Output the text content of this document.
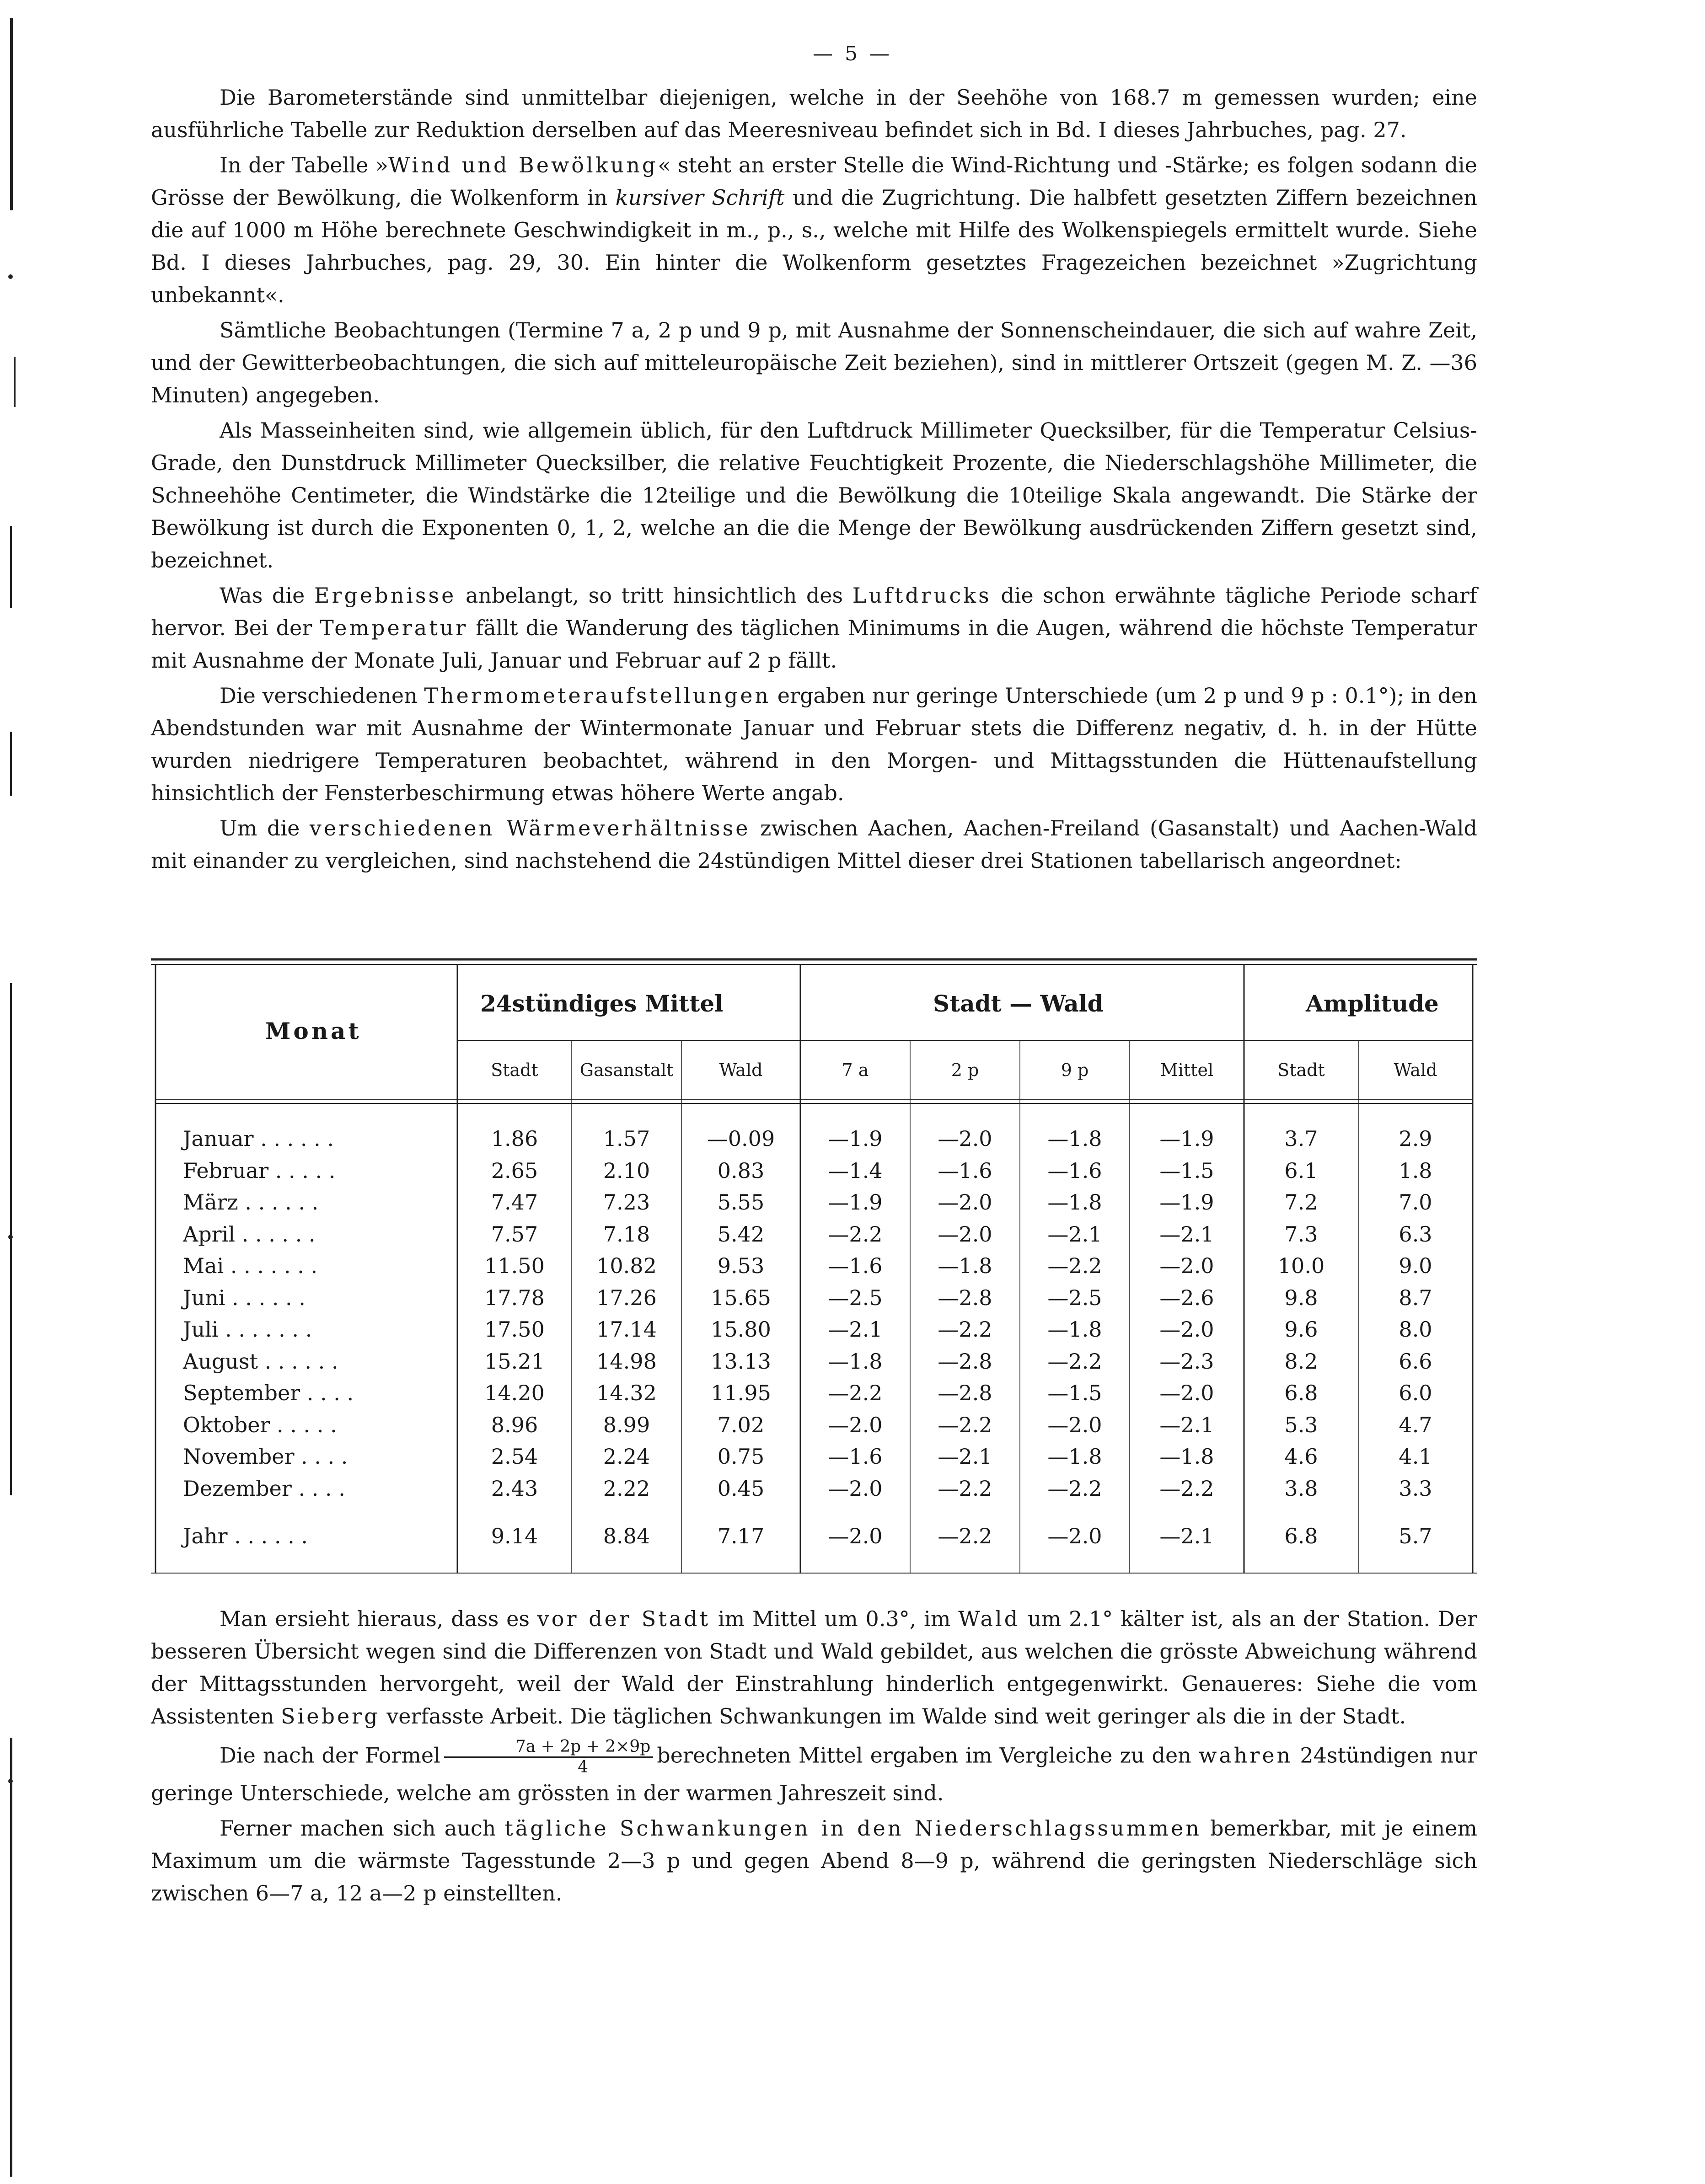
— 5 —

Die Barometerstände sind unmittelbar diejenigen, welche in der Seehöhe von 168.7 m gemessen wurden; eine ausführliche Tabelle zur Reduktion derselben auf das Meeresniveau befindet sich in Bd. I dieses Jahrbuches, pag. 27.

In der Tabelle »Wind und Bewölkung« steht an erster Stelle die Wind-Richtung und -Stärke; es folgen sodann die Grösse der Bewölkung, die Wolkenform in kursiver Schrift und die Zugrichtung. Die halbfett gesetzten Ziffern bezeichnen die auf 1000 m Höhe berechnete Geschwindigkeit in m., p., s., welche mit Hilfe des Wolkenspiegels ermittelt wurde. Siehe Bd. I dieses Jahrbuches, pag. 29, 30. Ein hinter die Wolkenform gesetztes Fragezeichen bezeichnet »Zugrichtung unbekannt«.

Sämtliche Beobachtungen (Termine 7 a, 2 p und 9 p, mit Ausnahme der Sonnenscheindauer, die sich auf wahre Zeit, und der Gewitterbeobachtungen, die sich auf mitteleuropäische Zeit beziehen), sind in mittlerer Ortszeit (gegen M. Z. —36 Minuten) angegeben.

Als Masseinheiten sind, wie allgemein üblich, für den Luftdruck Millimeter Quecksilber, für die Temperatur Celsius-Grade, den Dunstdruck Millimeter Quecksilber, die relative Feuchtigkeit Prozente, die Niederschlagshöhe Millimeter, die Schneehöhe Centimeter, die Windstärke die 12teilige und die Bewölkung die 10teilige Skala angewandt. Die Stärke der Bewölkung ist durch die Exponenten 0, 1, 2, welche an die die Menge der Bewölkung ausdrückenden Ziffern gesetzt sind, bezeichnet.

Was die Ergebnisse anbelangt, so tritt hinsichtlich des Luftdrucks die schon erwähnte tägliche Periode scharf hervor. Bei der Temperatur fällt die Wanderung des täglichen Minimums in die Augen, während die höchste Temperatur mit Ausnahme der Monate Juli, Januar und Februar auf 2 p fällt.

Die verschiedenen Thermometeraufstellungen ergaben nur geringe Unterschiede (um 2 p und 9 p : 0.1°); in den Abendstunden war mit Ausnahme der Wintermonate Januar und Februar stets die Differenz negativ, d. h. in der Hütte wurden niedrigere Temperaturen beobachtet, während in den Morgen- und Mittagsstunden die Hüttenaufstellung hinsichtlich der Fensterbeschirmung etwas höhere Werte angab.

Um die verschiedenen Wärmeverhältnisse zwischen Aachen, Aachen-Freiland (Gasanstalt) und Aachen-Wald mit einander zu vergleichen, sind nachstehend die 24stündigen Mittel dieser drei Stationen tabellarisch angeordnet:

Monat
24stündiges Mittel	Stadt — Wald	Amplitude
Stadt Gasanstalt	Wald	7 a	2 p	9 p	Mittel	Stadt	Wald
Januar . . . . . .	1.86	1.57	—0.09	—1.9	—2.0	—1.8	—1.9	3.7	2.9
Februar . . . . .	2.65	2.10	0.83	—1.4	—1.6	—1.6	—1.5	6.1	1.8
März . . . . . .	7.47	7.23	5.55	—1.9	—2.0	—1.8	—1.9	7.2	7.0
April . . . . . .	7.57	7.18	5.42	—2.2	—2.0	—2.1	—2.1	7.3	6.3
Mai . . . . . . .	11.50 10.82	9.53	—1.6	—1.8	—2.2	—2.0	10.0	9.0
Juni . . . . . .	17.78 17.26	15.65	—2.5	—2.8	—2.5	—2.6	9.8	8.7
Juli . . . . . . .	17.50 17.14	15.80	—2.1	—2.2	—1.8	—2.0	9.6	8.0
August . . . . . .	15.21 14.98	13.13	—1.8	—2.8	—2.2	—2.3	8.2	6.6
September . . . .	14.20 14.32	11.95	—2.2	—2.8	—1.5	—2.0	6.8	6.0
Oktober . . . . .	8.96	8.99	7.02	—2.0	—2.2	—2.0	—2.1	5.3	4.7
November . . . .	2.54	2.24	0.75	—1.6	—2.1	—1.8	—1.8	4.6	4.1
Dezember . . . .	2.43	2.22	0.45	—2.0	—2.2	—2.2	—2.2	3.8	3.3
Jahr . . . . . .	9.14	8.84	7.17	—2.0	—2.2	—2.0	—2.1	6.8	5.7

Man ersieht hieraus, dass es vor der Stadt im Mittel um 0.3°, im Wald um 2.1° kälter ist, als an der Station. Der besseren Übersicht wegen sind die Differenzen von Stadt und Wald gebildet, aus welchen die grösste Abweichung während der Mittagsstunden hervorgeht, weil der Wald der Einstrahlung hinderlich entgegenwirkt. Genaueres: Siehe die vom Assistenten Sieberg verfasste Arbeit. Die täglichen Schwankungen im Walde sind weit geringer als die in der Stadt.

Die nach der Formel $\frac{7a + 2p + 2\times 9p}{4}$ berechneten Mittel ergaben im Vergleiche zu den wahren 24stündigen nur geringe Unterschiede, welche am grössten in der warmen Jahreszeit sind.

Ferner machen sich auch tägliche Schwankungen in den Niederschlagssummen bemerkbar, mit je einem Maximum um die wärmste Tagesstunde 2—3 p und gegen Abend 8—9 p, während die geringsten Niederschläge sich zwischen 6—7 a, 12 a—2 p einstellten.
